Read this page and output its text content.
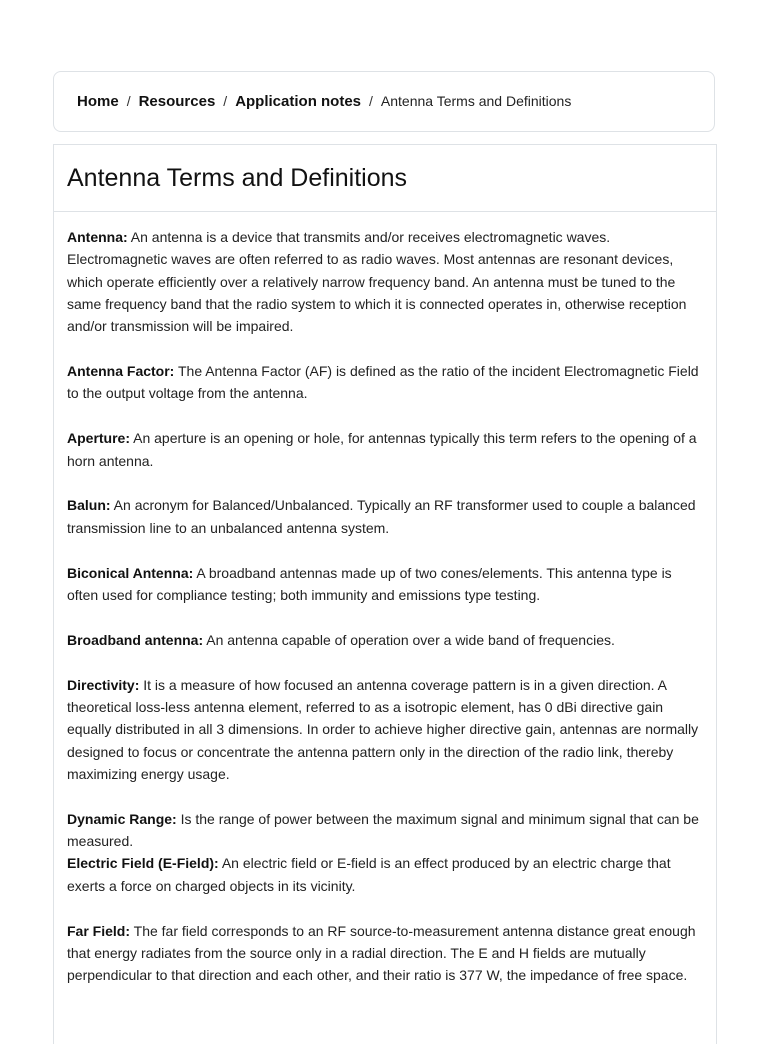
Home / Resources / Application notes / Antenna Terms and Definitions
Antenna Terms and Definitions

Antenna: An antenna is a device that transmits and/or receives electromagnetic waves. Electromagnetic waves are often referred to as radio waves. Most antennas are resonant devices, which operate efficiently over a relatively narrow frequency band. An antenna must be tuned to the same frequency band that the radio system to which it is connected operates in, otherwise reception and/or transmission will be impaired.

Antenna Factor: The Antenna Factor (AF) is defined as the ratio of the incident Electromagnetic Field to the output voltage from the antenna.

Aperture: An aperture is an opening or hole, for antennas typically this term refers to the opening of a horn antenna.

Balun: An acronym for Balanced/Unbalanced. Typically an RF transformer used to couple a balanced transmission line to an unbalanced antenna system.

Biconical Antenna: A broadband antennas made up of two cones/elements. This antenna type is often used for compliance testing; both immunity and emissions type testing.

Broadband antenna: An antenna capable of operation over a wide band of frequencies.

Directivity: It is a measure of how focused an antenna coverage pattern is in a given direction. A theoretical loss-less antenna element, referred to as a isotropic element, has 0 dBi directive gain equally distributed in all 3 dimensions. In order to achieve higher directive gain, antennas are normally designed to focus or concentrate the antenna pattern only in the direction of the radio link, thereby maximizing energy usage.

Dynamic Range: Is the range of power between the maximum signal and minimum signal that can be measured.

Electric Field (E-Field): An electric field or E-field is an effect produced by an electric charge that exerts a force on charged objects in its vicinity.

Far Field: The far field corresponds to an RF source-to-measurement antenna distance great enough that energy radiates from the source only in a radial direction. The E and H fields are mutually perpendicular to that direction and each other, and their ratio is 377 W, the impedance of free space.
